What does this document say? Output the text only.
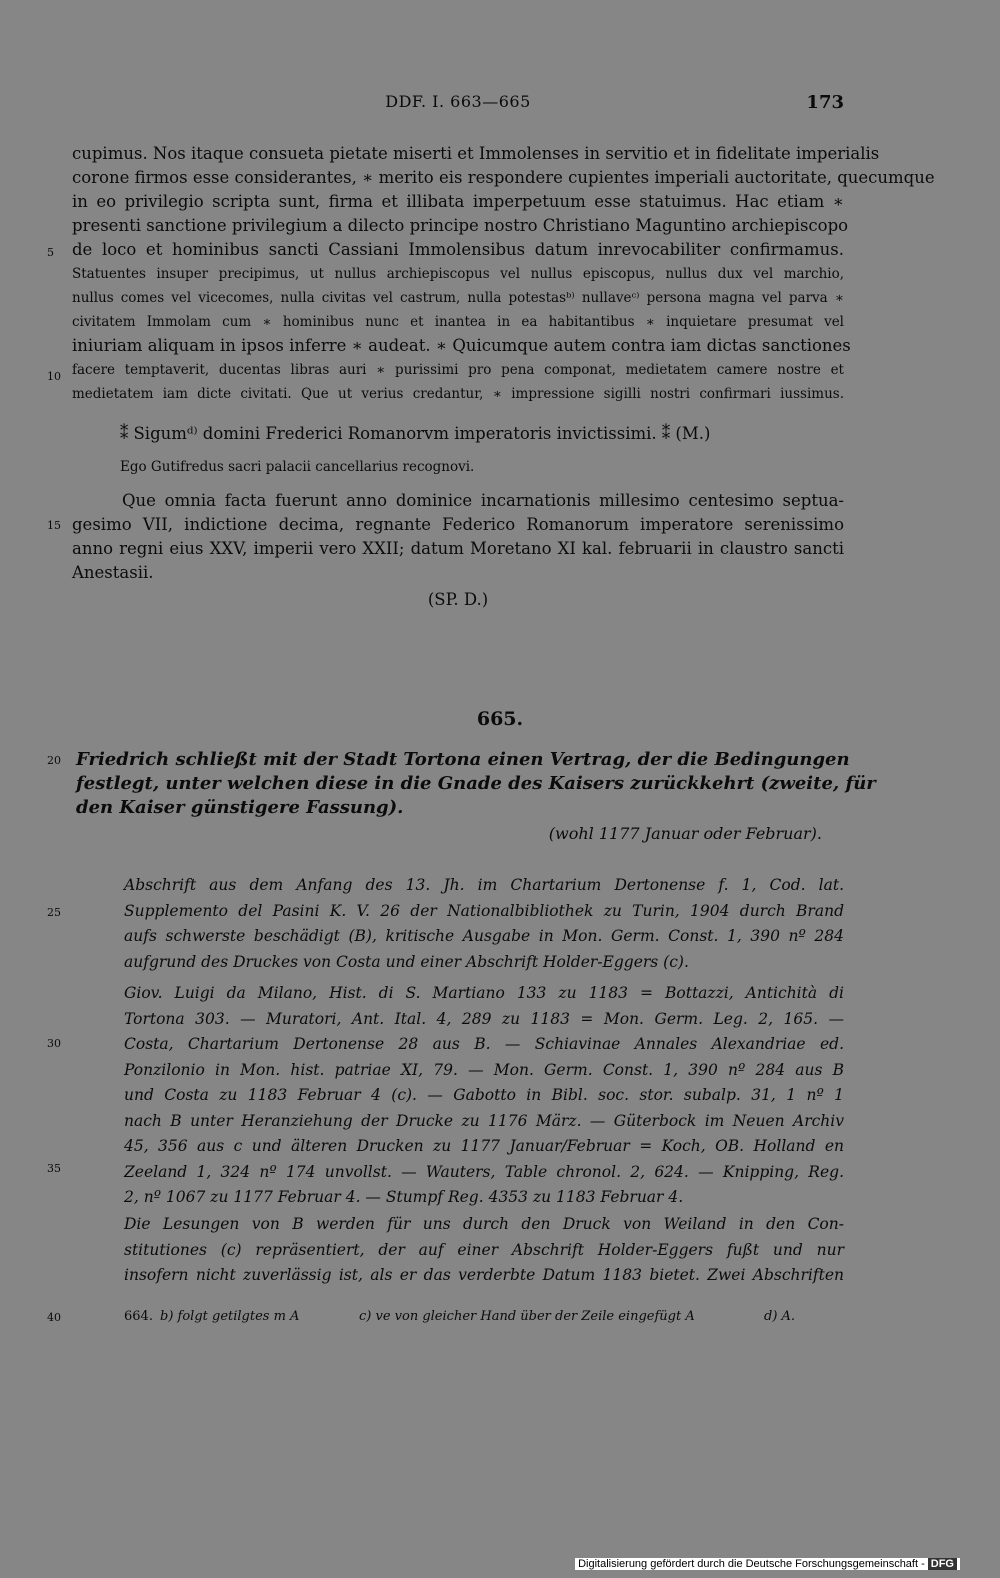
DDF. I. 663—665	173
cupimus. Nos itaque consueta pietate miserti et Immolenses in servitio et in fidelitate imperialis
corone firmos esse considerantes, ∗ merito eis respondere cupientes imperiali auctoritate, quecumque
in eo privilegio scripta sunt, firma et illibata imperpetuum esse statuimus. Hac etiam ∗
presenti sanctione privilegium a dilecto principe nostro Christiano Maguntino archiepiscopo
de loco et hominibus sancti Cassiani Immolensibus datum inrevocabiliter confirmamus.
Statuentes insuper precipimus, ut nullus archiepiscopus vel nullus episcopus, nullus dux vel marchio,
nullus comes vel vicecomes, nulla civitas vel castrum, nulla potestasᵇ⁾ nullaveᶜ⁾ persona magna vel parva ∗
civitatem Immolam cum ∗ hominibus nunc et inantea in ea habitantibus ∗ inquietare presumat vel
iniuriam aliquam in ipsos inferre ∗ audeat. ∗ Quicumque autem contra iam dictas sanctiones
facere temptaverit, ducentas libras auri ∗ purissimi pro pena componat, medietatem camere nostre et
medietatem iam dicte civitati. Que ut verius credantur, ∗ impressione sigilli nostri confirmari iussimus.
⁑ Sigumᵈ⁾ domini Frederici Romanorvm imperatoris invictissimi. ⁑ (M.)
Ego Gutifredus sacri palacii cancellarius recognovi.
Que omnia facta fuerunt anno dominice incarnationis millesimo centesimo septua-
gesimo VII, indictione decima, regnante Federico Romanorum imperatore serenissimo
anno regni eius XXV, imperii vero XXII; datum Moretano XI kal. februarii in claustro sancti
Anestasii.
(SP. D.)
665.
Friedrich schließt mit der Stadt Tortona einen Vertrag, der die Bedingungen
festlegt, unter welchen diese in die Gnade des Kaisers zurückkehrt (zweite, für
den Kaiser günstigere Fassung).
(wohl 1177 Januar oder Februar).
Abschrift aus dem Anfang des 13. Jh. im Chartarium Dertonense f. 1, Cod. lat.
Supplemento del Pasini K. V. 26 der Nationalbibliothek zu Turin, 1904 durch Brand
aufs schwerste beschädigt (B), kritische Ausgabe in Mon. Germ. Const. 1, 390 nº 284
aufgrund des Druckes von Costa und einer Abschrift Holder-Eggers (c).
Giov. Luigi da Milano, Hist. di S. Martiano 133 zu 1183 = Bottazzi, Antichità di
Tortona 303. — Muratori, Ant. Ital. 4, 289 zu 1183 = Mon. Germ. Leg. 2, 165. —
Costa, Chartarium Dertonense 28 aus B. — Schiavinae Annales Alexandriae ed.
Ponzilonio in Mon. hist. patriae XI, 79. — Mon. Germ. Const. 1, 390 nº 284 aus B
und Costa zu 1183 Februar 4 (c). — Gabotto in Bibl. soc. stor. subalp. 31, 1 nº 1
nach B unter Heranziehung der Drucke zu 1176 März. — Güterbock im Neuen Archiv
45, 356 aus c und älteren Drucken zu 1177 Januar/Februar = Koch, OB. Holland en
Zeeland 1, 324 nº 174 unvollst. — Wauters, Table chronol. 2, 624. — Knipping, Reg.
2, nº 1067 zu 1177 Februar 4. — Stumpf Reg. 4353 zu 1183 Februar 4.
Die Lesungen von B werden für uns durch den Druck von Weiland in den Con-
stitutiones (c) repräsentiert, der auf einer Abschrift Holder-Eggers fußt und nur
insofern nicht zuverlässig ist, als er das verderbte Datum 1183 bietet. Zwei Abschriften
5
10
15
20
25
30
35
40	664. b) folgt getilgtes m A	c) ve von gleicher Hand über der Zeile eingefügt A	d) A.
Digitalisierung gefördert durch die Deutsche Forschungsgemeinschaft - DFG
